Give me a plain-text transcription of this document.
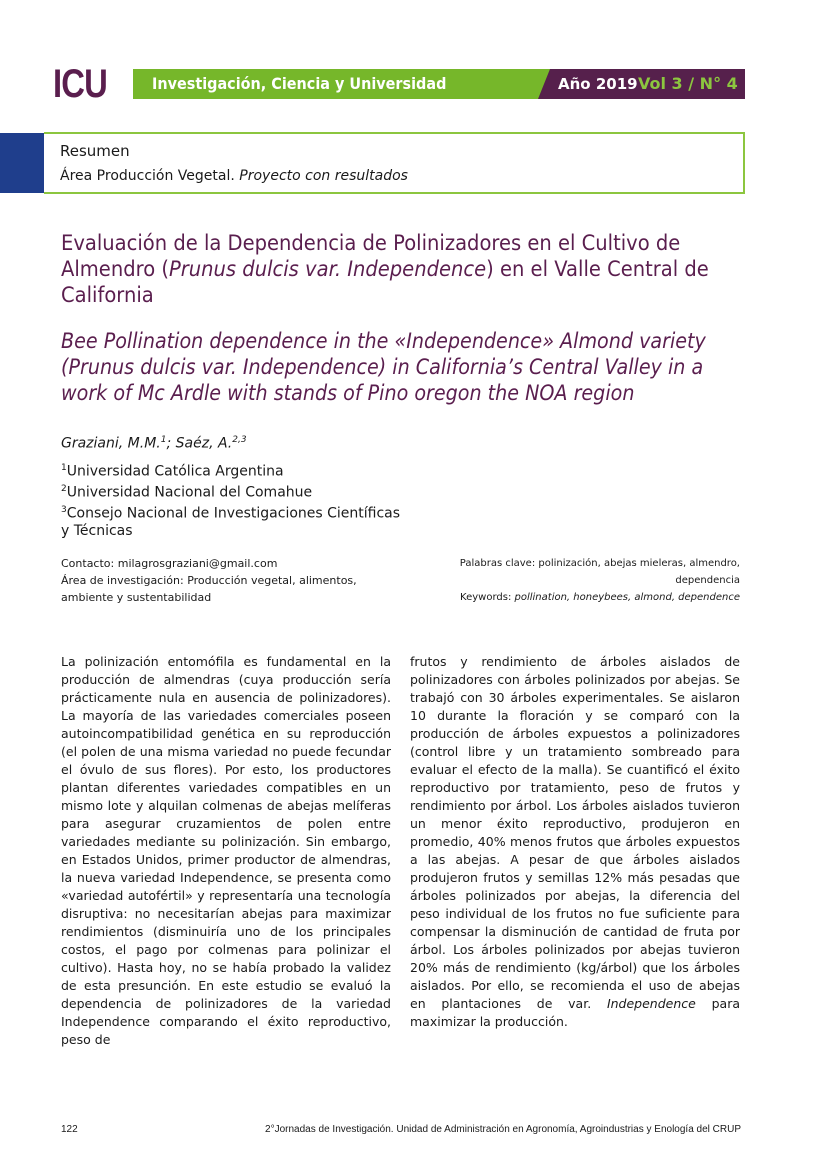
ICU	Investigación, Ciencia y Universidad	Año 2019 Vol 3 / N° 4
Resumen
Área Producción Vegetal. Proyecto con resultados
Evaluación de la Dependencia de Polinizadores en el Cultivo de Almendro (Prunus dulcis var. Independence) en el Valle Central de California
Bee Pollination dependence in the «Independence» Almond variety (Prunus dulcis var. Independence) in California’s Central Valley in a work of Mc Ardle with stands of Pino oregon the NOA region
Graziani, M.M.$^1$; Saéz, A.$^{2,3}$
$^1$Universidad Católica Argentina
$^2$Universidad Nacional del Comahue
$^3$Consejo Nacional de Investigaciones Científicas y Técnicas
Contacto: milagrosgraziani@gmail.com
Área de investigación: Producción vegetal, alimentos, ambiente y sustentabilidad
Palabras clave: polinización, abejas mieleras, almendro, dependencia
Keywords: pollination, honeybees, almond, dependence
La polinización entomófila es fundamental en la producción de almendras (cuya producción sería prácticamente nula en ausencia de polinizadores). La mayoría de las variedades comerciales poseen autoincompatibilidad genética en su reproducción (el polen de una misma variedad no puede fecundar el óvulo de sus flores). Por esto, los productores plantan diferentes variedades compatibles en un mismo lote y alquilan colmenas de abejas melíferas para asegurar cruzamientos de polen entre variedades mediante su polinización. Sin embargo, en Estados Unidos, primer productor de almendras, la nueva variedad Independence, se presenta como «variedad autofértil» y representaría una tecnología disruptiva: no necesitarían abejas para maximizar rendimientos (disminuiría uno de los principales costos, el pago por colmenas para polinizar el cultivo). Hasta hoy, no se había probado la validez de esta presunción. En este estudio se evaluó la dependencia de polinizadores de la variedad Independence comparando el éxito reproductivo, peso de
frutos y rendimiento de árboles aislados de polinizadores con árboles polinizados por abejas. Se trabajó con 30 árboles experimentales. Se aislaron 10 durante la floración y se comparó con la producción de árboles expuestos a polinizadores (control libre y un tratamiento sombreado para evaluar el efecto de la malla). Se cuantificó el éxito reproductivo por tratamiento, peso de frutos y rendimiento por árbol. Los árboles aislados tuvieron un menor éxito reproductivo, produjeron en promedio, 40% menos frutos que árboles expuestos a las abejas. A pesar de que árboles aislados produjeron frutos y semillas 12% más pesadas que árboles polinizados por abejas, la diferencia del peso individual de los frutos no fue suficiente para compensar la disminución de cantidad de fruta por árbol. Los árboles polinizados por abejas tuvieron 20% más de rendimiento (kg/árbol) que los árboles aislados. Por ello, se recomienda el uso de abejas en plantaciones de var. Independence para maximizar la producción.
122	2°Jornadas de Investigación. Unidad de Administración en Agronomía, Agroindustrias y Enología del CRUP
